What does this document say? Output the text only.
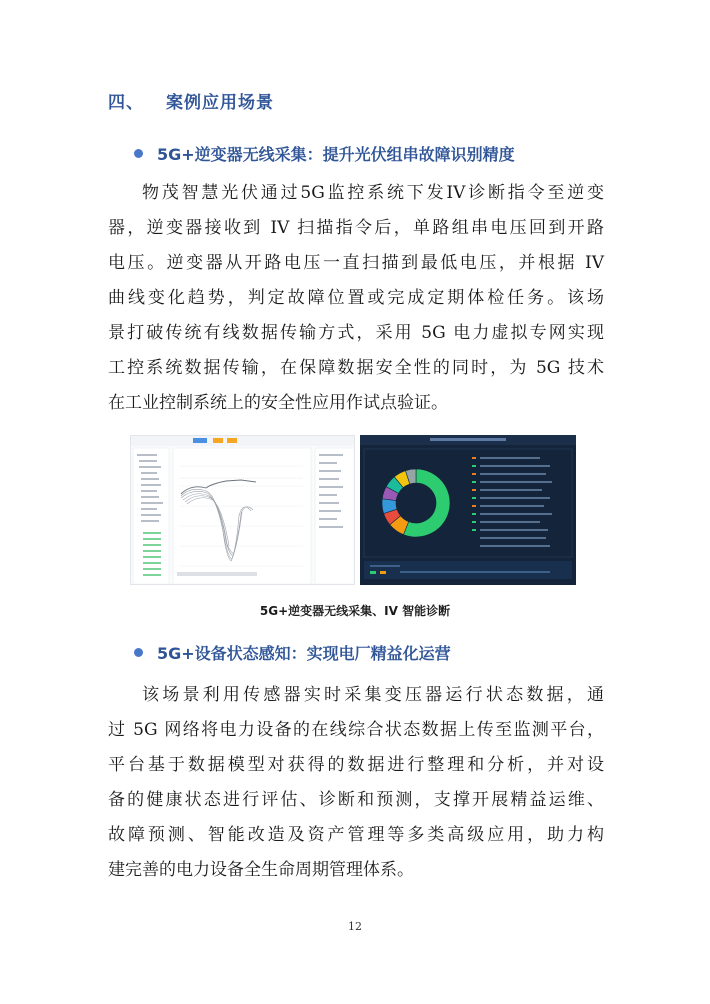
四、 案例应用场景
5G+逆变器无线采集：提升光伏组串故障识别精度
物茂智慧光伏通过5G监控系统下发IV诊断指令至逆变
器，逆变器接收到 IV 扫描指令后，单路组串电压回到开路
电压。逆变器从开路电压一直扫描到最低电压，并根据 IV
曲线变化趋势，判定故障位置或完成定期体检任务。该场
景打破传统有线数据传输方式，采用 5G 电力虚拟专网实现
工控系统数据传输，在保障数据安全性的同时，为 5G 技术
在工业控制系统上的安全性应用作试点验证。
5G+逆变器无线采集、IV 智能诊断
5G+设备状态感知：实现电厂精益化运营
该场景利用传感器实时采集变压器运行状态数据，通
过 5G 网络将电力设备的在线综合状态数据上传至监测平台，
平台基于数据模型对获得的数据进行整理和分析，并对设
备的健康状态进行评估、诊断和预测，支撑开展精益运维、
故障预测、智能改造及资产管理等多类高级应用，助力构
建完善的电力设备全生命周期管理体系。
12
